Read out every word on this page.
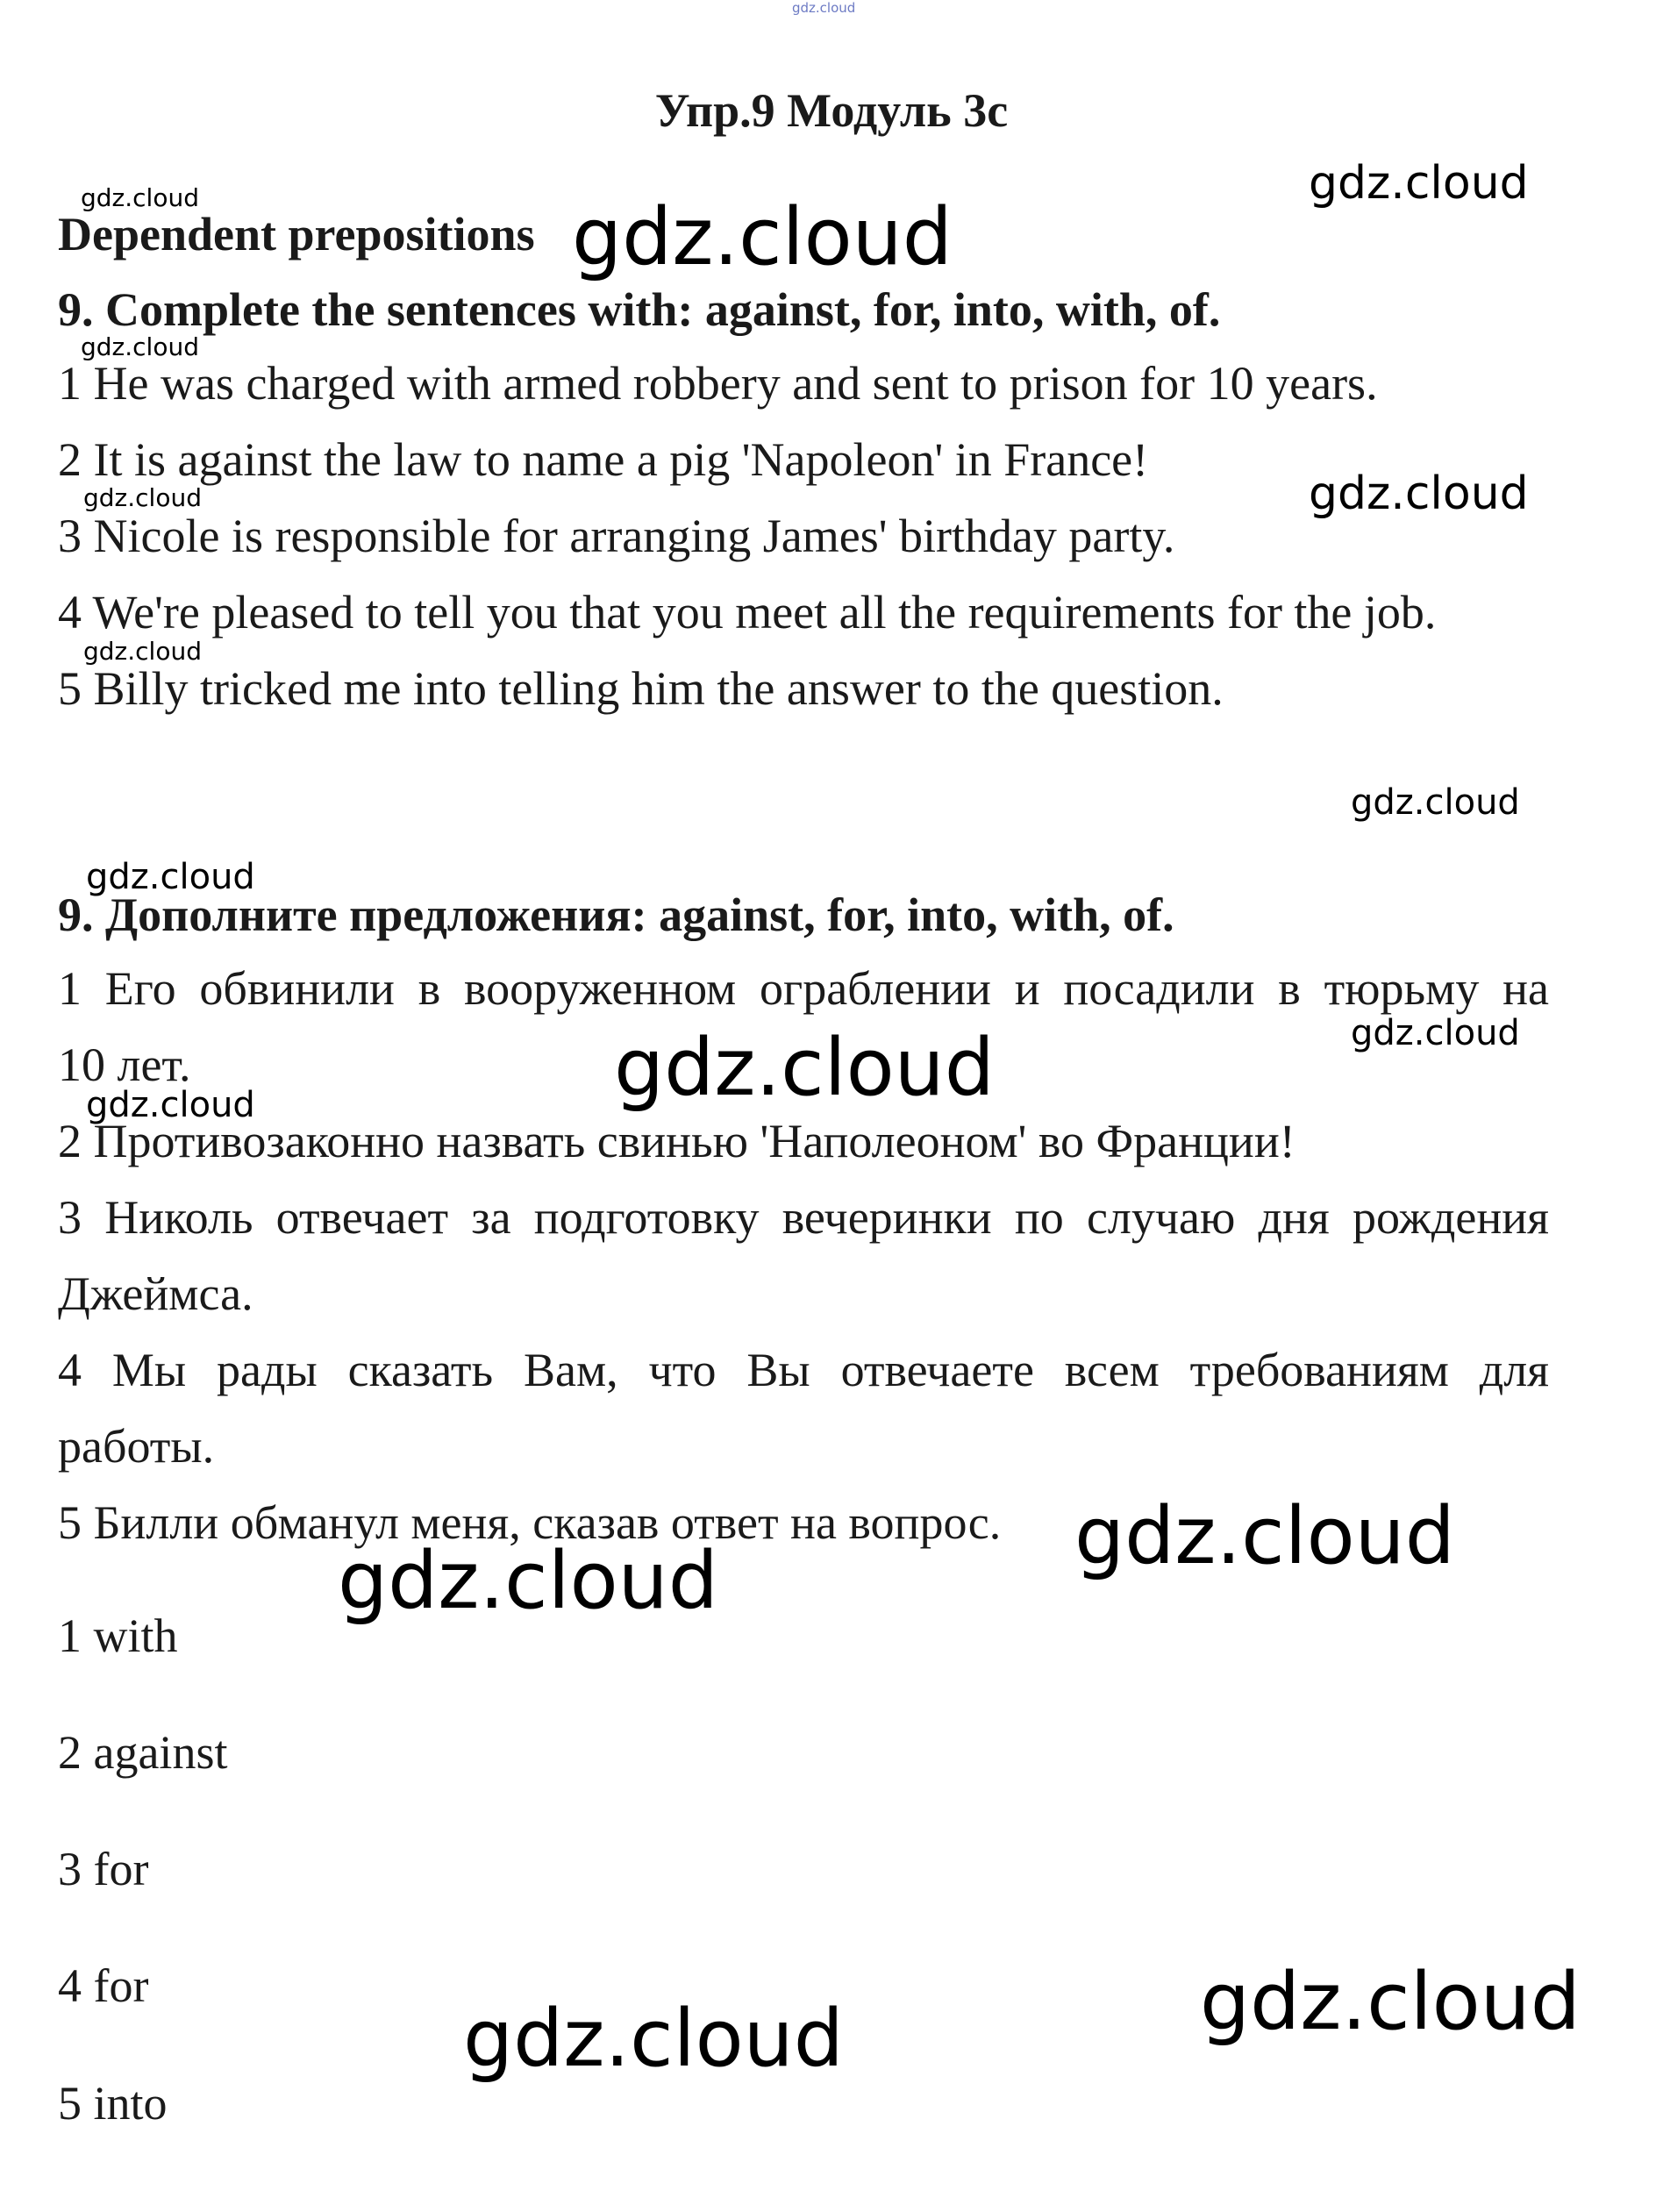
gdz.cloud
Упр.9 Модуль 3с
Dependent prepositions
9. Complete the sentences with: against, for, into, with, of.
1 He was charged with armed robbery and sent to prison for 10 years.
2 It is against the law to name a pig 'Napoleon' in France!
3 Nicole is responsible for arranging James' birthday party.
4 We're pleased to tell you that you meet all the requirements for the job.
5 Billy tricked me into telling him the answer to the question.
9. Дополните предложения: against, for, into, with, of.
1 Его обвинили в вооруженном ограблении и посадили в тюрьму на
10 лет.
2 Противозаконно назвать свинью 'Наполеоном' во Франции!
3 Николь отвечает за подготовку вечеринки по случаю дня рождения
Джеймса.
4 Мы рады сказать Вам, что Вы отвечаете всем требованиям для
работы.
5 Билли обманул меня, сказав ответ на вопрос.
1 with
2 against
3 for
4 for
5 into
gdz.cloud	gdz.cloud
gdz.cloud
gdz.cloud
gdz.cloud	gdz.cloud
gdz.cloud
gdz.cloud
gdz.cloud
gdz.cloud
gdz.cloud
gdz.cloud
gdz.cloud
gdz.cloud
gdz.cloud
gdz.cloud
